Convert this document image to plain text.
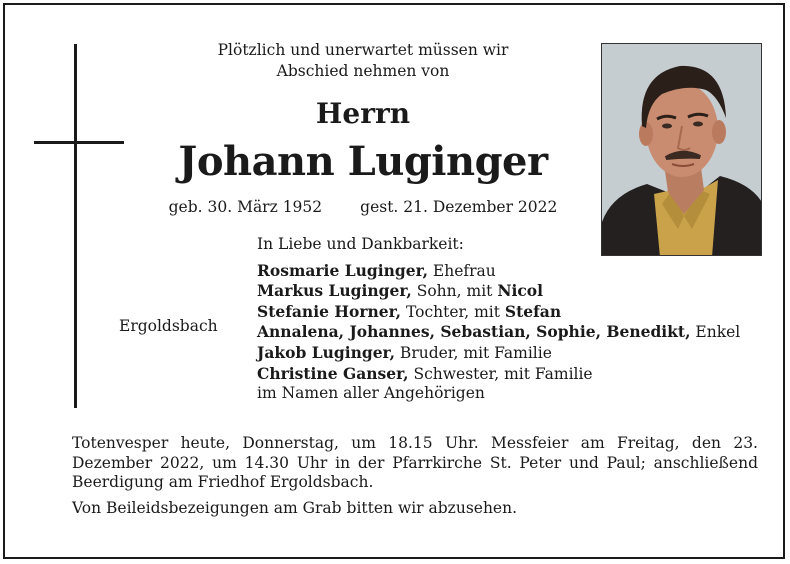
Plötzlich und unerwartet müssen wir
Abschied nehmen von
Herrn
Johann Luginger
geb. 30. März 1952 gest. 21. Dezember 2022
Ergoldsbach
In Liebe und Dankbarkeit:
Rosmarie Luginger, Ehefrau
Markus Luginger, Sohn, mit Nicol
Stefanie Horner, Tochter, mit Stefan
Annalena, Johannes, Sebastian, Sophie, Benedikt, Enkel
Jakob Luginger, Bruder, mit Familie
Christine Ganser, Schwester, mit Familie
im Namen aller Angehörigen

Totenvesper heute, Donnerstag, um 18.15 Uhr. Messfeier am Freitag, den 23. Dezember 2022, um 14.30 Uhr in der Pfarrkirche St. Peter und Paul; anschließend Beerdigung am Friedhof Ergoldsbach.

Von Beileidsbezeigungen am Grab bitten wir abzusehen.
